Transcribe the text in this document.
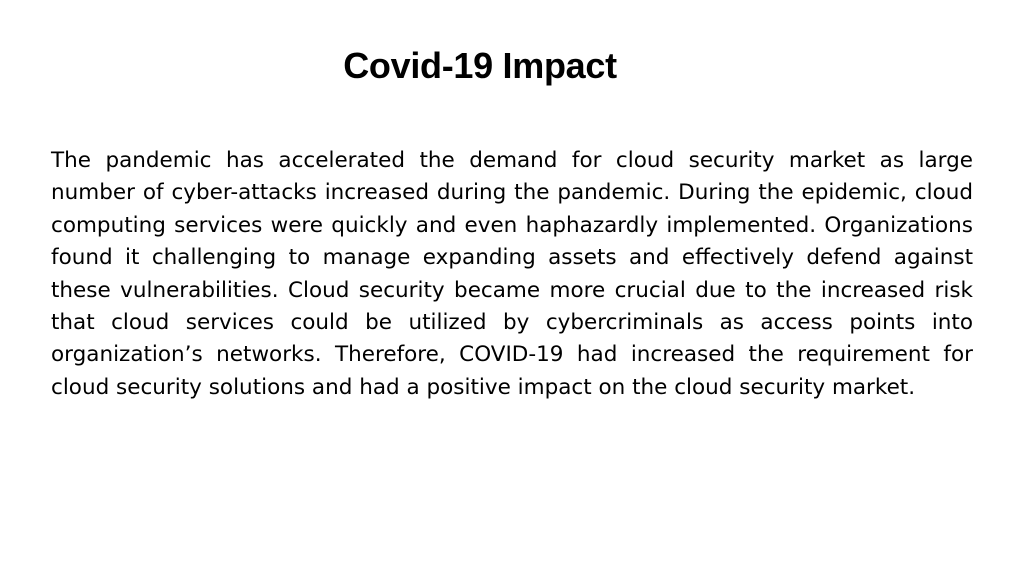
Covid-19 Impact

The pandemic has accelerated the demand for cloud security market as large number of cyber-attacks increased during the pandemic. During the epidemic, cloud computing services were quickly and even haphazardly implemented. Organizations found it challenging to manage expanding assets and effectively defend against these vulnerabilities. Cloud security became more crucial due to the increased risk that cloud services could be utilized by cybercriminals as access points into organization’s networks. Therefore, COVID-19 had increased the requirement for cloud security solutions and had a positive impact on the cloud security market.
